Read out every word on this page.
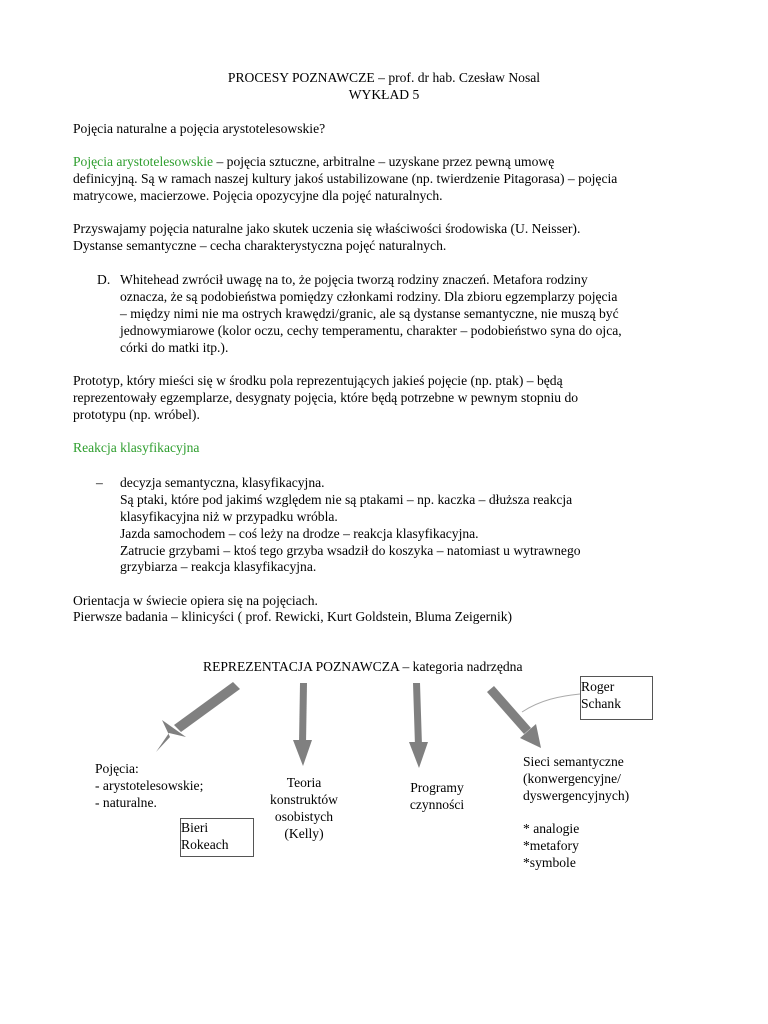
PROCESY POZNAWCZE – prof. dr hab. Czesław Nosal
WYKŁAD 5
Pojęcia naturalne a pojęcia arystotelesowskie?
Pojęcia arystotelesowskie – pojęcia sztuczne, arbitralne – uzyskane przez pewną umowę
definicyjną. Są w ramach naszej kultury jakoś ustabilizowane (np. twierdzenie Pitagorasa) – pojęcia
matrycowe, macierzowe. Pojęcia opozycyjne dla pojęć naturalnych.
Przyswajamy pojęcia naturalne jako skutek uczenia się właściwości środowiska (U. Neisser).
Dystanse semantyczne – cecha charakterystyczna pojęć naturalnych.
D. Whitehead zwrócił uwagę na to, że pojęcia tworzą rodziny znaczeń. Metafora rodziny
oznacza, że są podobieństwa pomiędzy członkami rodziny. Dla zbioru egzemplarzy pojęcia
– między nimi nie ma ostrych krawędzi/granic, ale są dystanse semantyczne, nie muszą być
jednowymiarowe (kolor oczu, cechy temperamentu, charakter – podobieństwo syna do ojca,
córki do matki itp.).
Prototyp, który mieści się w środku pola reprezentujących jakieś pojęcie (np. ptak) – będą
reprezentowały egzemplarze, desygnaty pojęcia, które będą potrzebne w pewnym stopniu do
prototypu (np. wróbel).
Reakcja klasyfikacyjna
– decyzja semantyczna, klasyfikacyjna.
Są ptaki, które pod jakimś względem nie są ptakami – np. kaczka – dłuższa reakcja
klasyfikacyjna niż w przypadku wróbla.
Jazda samochodem – coś leży na drodze – reakcja klasyfikacyjna.
Zatrucie grzybami – ktoś tego grzyba wsadził do koszyka – natomiast u wytrawnego
grzybiarza – reakcja klasyfikacyjna.
Orientacja w świecie opiera się na pojęciach.
Pierwsze badania – klinicyści ( prof. Rewicki, Kurt Goldstein, Bluma Zeigernik)
REPREZENTACJA POZNAWCZA – kategoria nadrzędna
Roger
Schank
Pojęcia:
- arystotelesowskie;
- naturalne.
Bieri
Rokeach
Teoria
konstruktów
osobistych
(Kelly)
Programy
czynności
Sieci semantyczne
(konwergencyjne/
dyswergencyjnych)
* analogie
*metafory
*symbole
